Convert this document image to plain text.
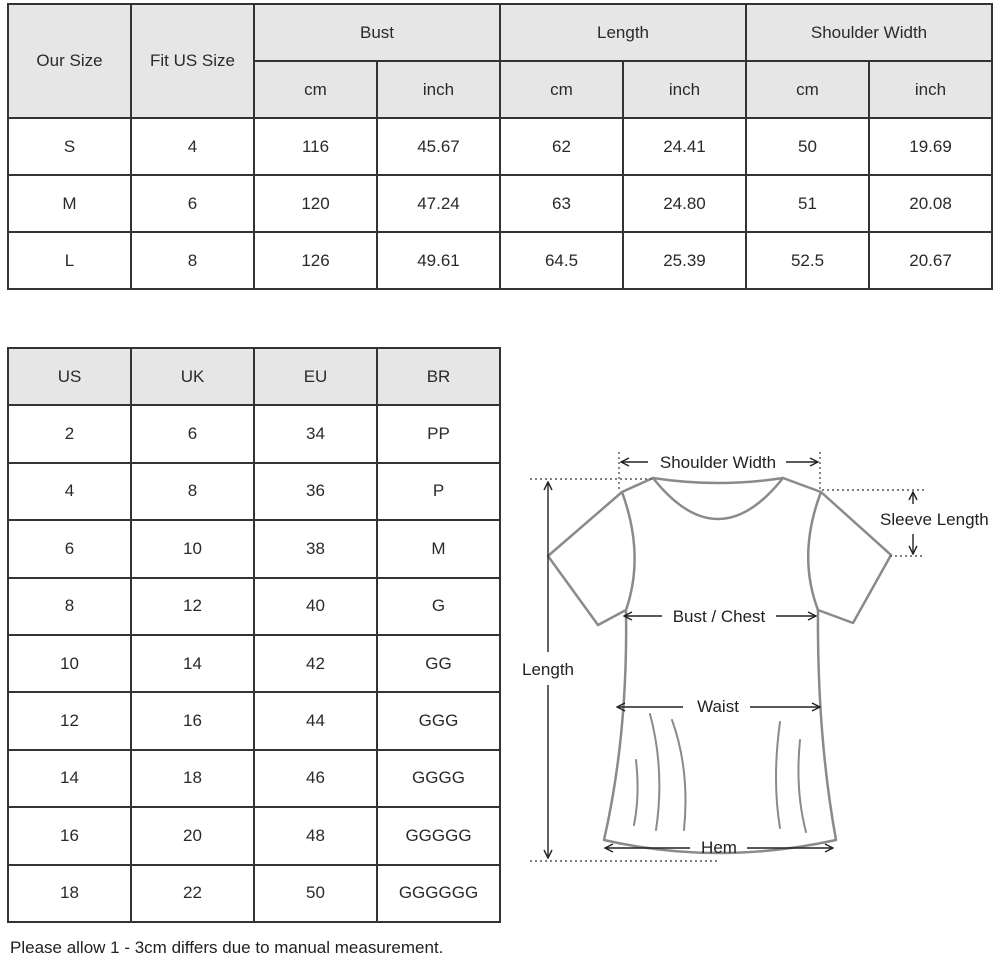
Our Size	Fit US Size	Bust		Length		Shoulder Width	
		cm	inch	cm	inch	cm	inch
S	4	116	45.67	62	24.41	50	19.69
M	6	120	47.24	63	24.80	51	20.08
L	8	126	49.61	64.5	25.39	52.5	20.67
US	UK	EU	BR
2	6	34	PP
4	8	36	P
6	10	38	M
8	12	40	G
10	14	42	GG
12	16	44	GGG
14	18	46	GGGG
16	20	48	GGGGG
18	22	50	GGGGGG
Shoulder Width
Sleeve Length
Bust / Chest
Length
Waist
Hem
Please allow 1 - 3cm differs due to manual measurement.
